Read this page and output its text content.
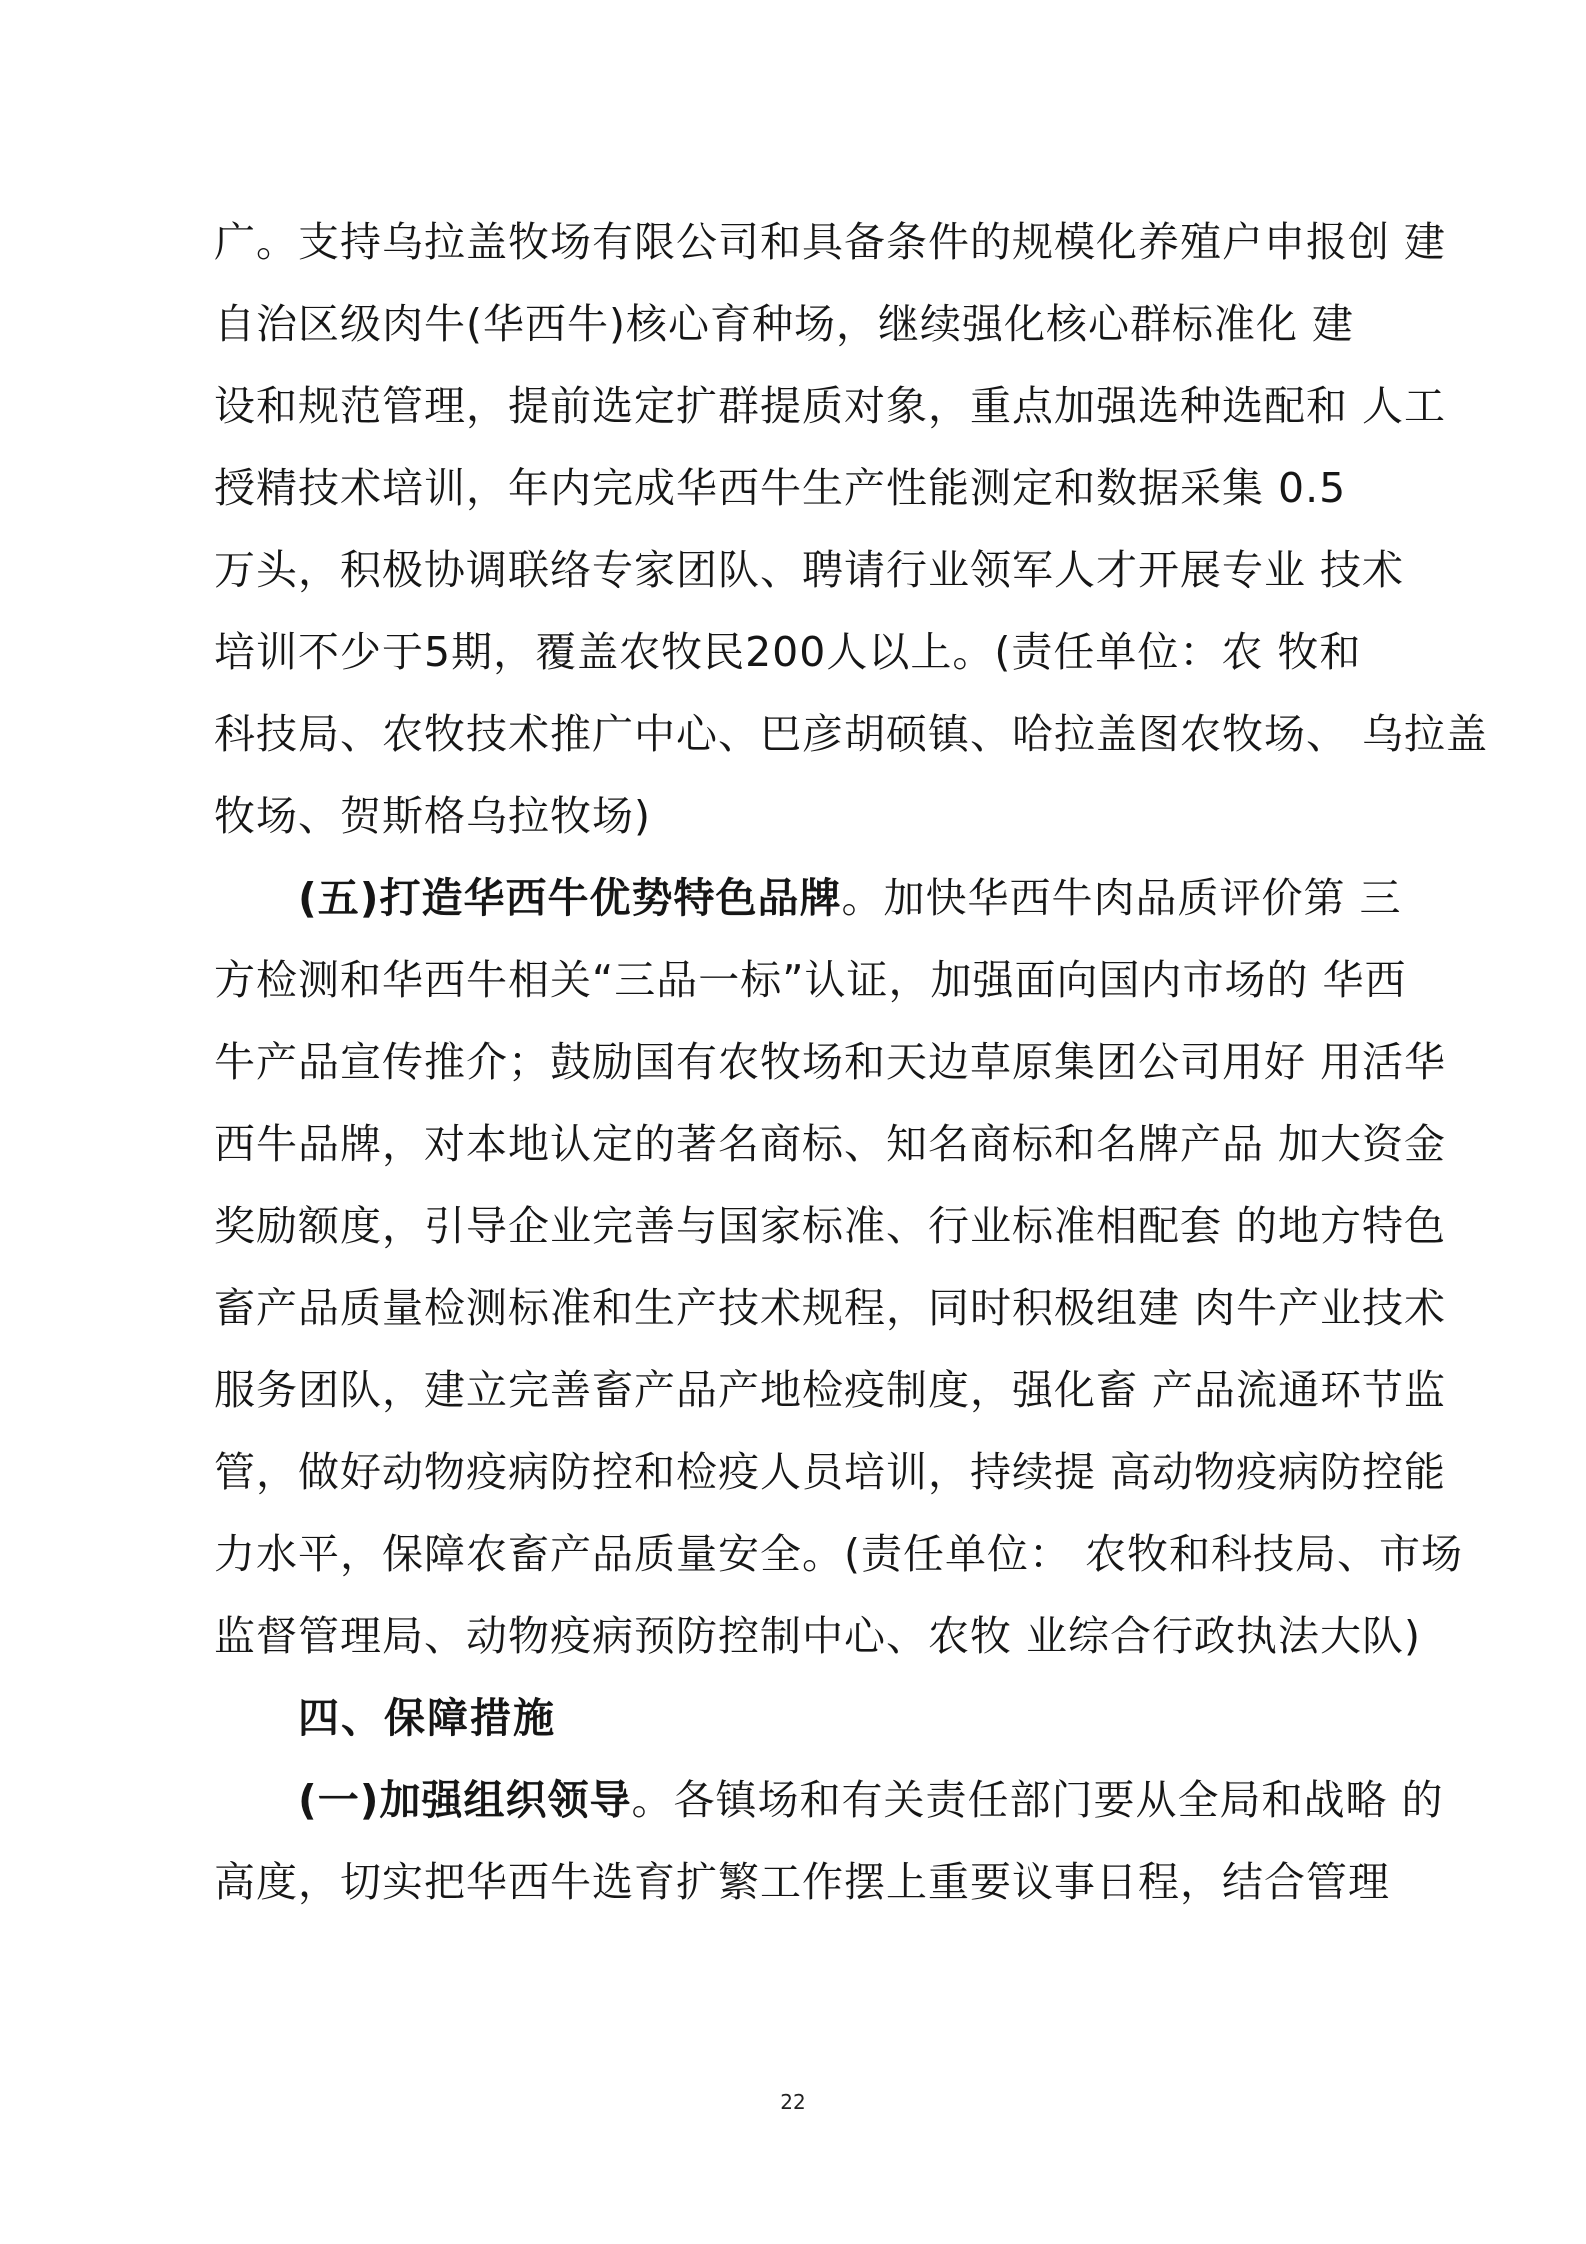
广。支持乌拉盖牧场有限公司和具备条件的规模化养殖户申报创 建
自治区级肉牛(华西牛)核心育种场，继续强化核心群标准化 建
设和规范管理，提前选定扩群提质对象，重点加强选种选配和 人工
授精技术培训，年内完成华西牛生产性能测定和数据采集 0.5
万头，积极协调联络专家团队、聘请行业领军人才开展专业 技术
培训不少于5期，覆盖农牧民200人以上。(责任单位：农 牧和
科技局、农牧技术推广中心、巴彦胡硕镇、哈拉盖图农牧场、 乌拉盖
牧场、贺斯格乌拉牧场)
(五)打造华西牛优势特色品牌。加快华西牛肉品质评价第 三
方检测和华西牛相关“三品一标”认证，加强面向国内市场的 华西
牛产品宣传推介；鼓励国有农牧场和天边草原集团公司用好 用活华
西牛品牌，对本地认定的著名商标、知名商标和名牌产品 加大资金
奖励额度，引导企业完善与国家标准、行业标准相配套 的地方特色
畜产品质量检测标准和生产技术规程，同时积极组建 肉牛产业技术
服务团队，建立完善畜产品产地检疫制度，强化畜 产品流通环节监
管，做好动物疫病防控和检疫人员培训，持续提 高动物疫病防控能
力水平，保障农畜产品质量安全。(责任单位： 农牧和科技局、市场
监督管理局、动物疫病预防控制中心、农牧 业综合行政执法大队)
四、保障措施
(一)加强组织领导。各镇场和有关责任部门要从全局和战略 的
高度，切实把华西牛选育扩繁工作摆上重要议事日程，结合管理
22
